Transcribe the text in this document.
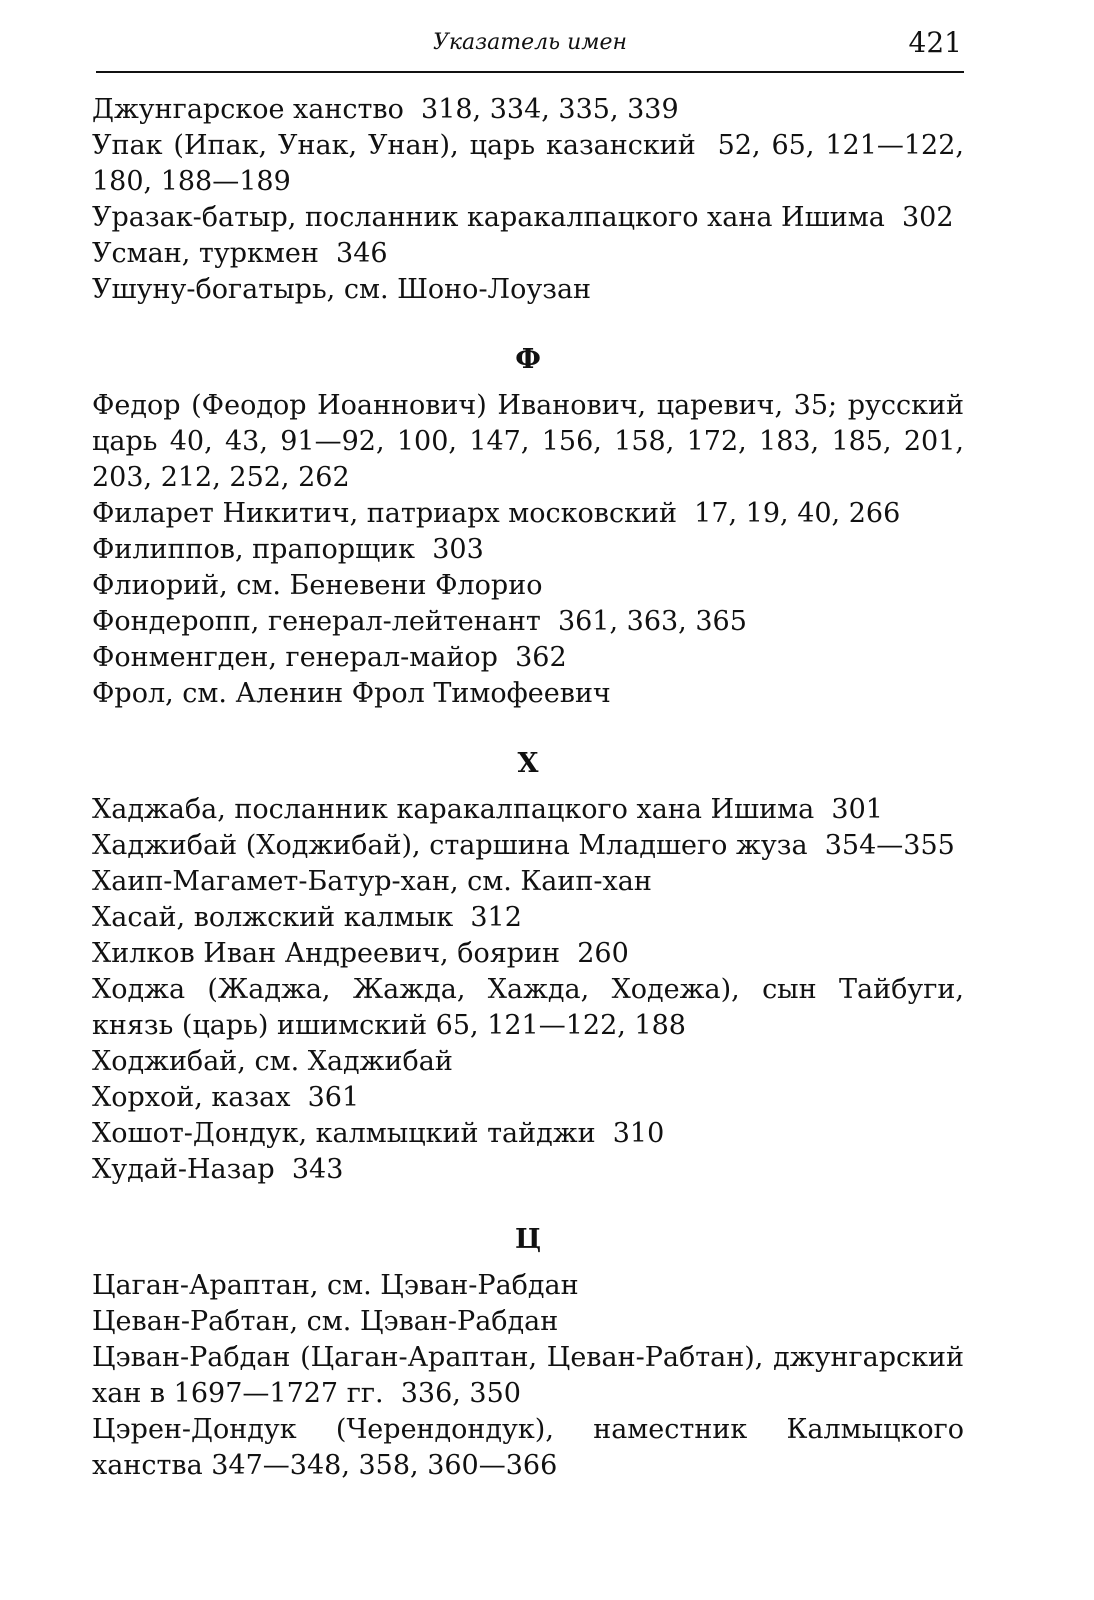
Указатель имен	421

Джунгарское ханство  318, 334, 335, 339

Упак (Ипак, Унак, Унан), царь казанский  52, 65, 121—122, 180, 188—189

Уразак-батыр, посланник каракалпацкого хана Ишима  302

Усман, туркмен  346

Ушуну-богатырь, см. Шоно-Лоузан

Ф

Федор (Феодор Иоаннович) Иванович, царевич, 35; русский царь 40, 43, 91—92, 100, 147, 156, 158, 172, 183, 185, 201, 203, 212, 252, 262

Филарет Никитич, патриарх московский  17, 19, 40, 266

Филиппов, прапорщик  303

Флиорий, см. Беневени Флорио

Фондеропп, генерал-лейтенант  361, 363, 365

Фонменгден, генерал-майор  362

Фрол, см. Аленин Фрол Тимофеевич

Х

Хаджаба, посланник каракалпацкого хана Ишима  301

Хаджибай (Ходжибай), старшина Младшего жуза  354—355

Хаип-Магамет-Батур-хан, см. Каип-хан

Хасай, волжский калмык  312

Хилков Иван Андреевич, боярин  260

Ходжа (Жаджа, Жажда, Хажда, Ходежа), сын Тайбуги, князь (царь) ишимский 65, 121—122, 188

Ходжибай, см. Хаджибай

Хорхой, казах  361

Хошот-Дондук, калмыцкий тайджи  310

Худай-Назар  343

Ц

Цаган-Араптан, см. Цэван-Рабдан

Цеван-Рабтан, см. Цэван-Рабдан

Цэван-Рабдан (Цаган-Араптан, Цеван-Рабтан), джунгарский хан в 1697—1727 гг.  336, 350

Цэрен-Дондук (Черендондук), наместник Калмыцкого ханства 347—348, 358, 360—366
